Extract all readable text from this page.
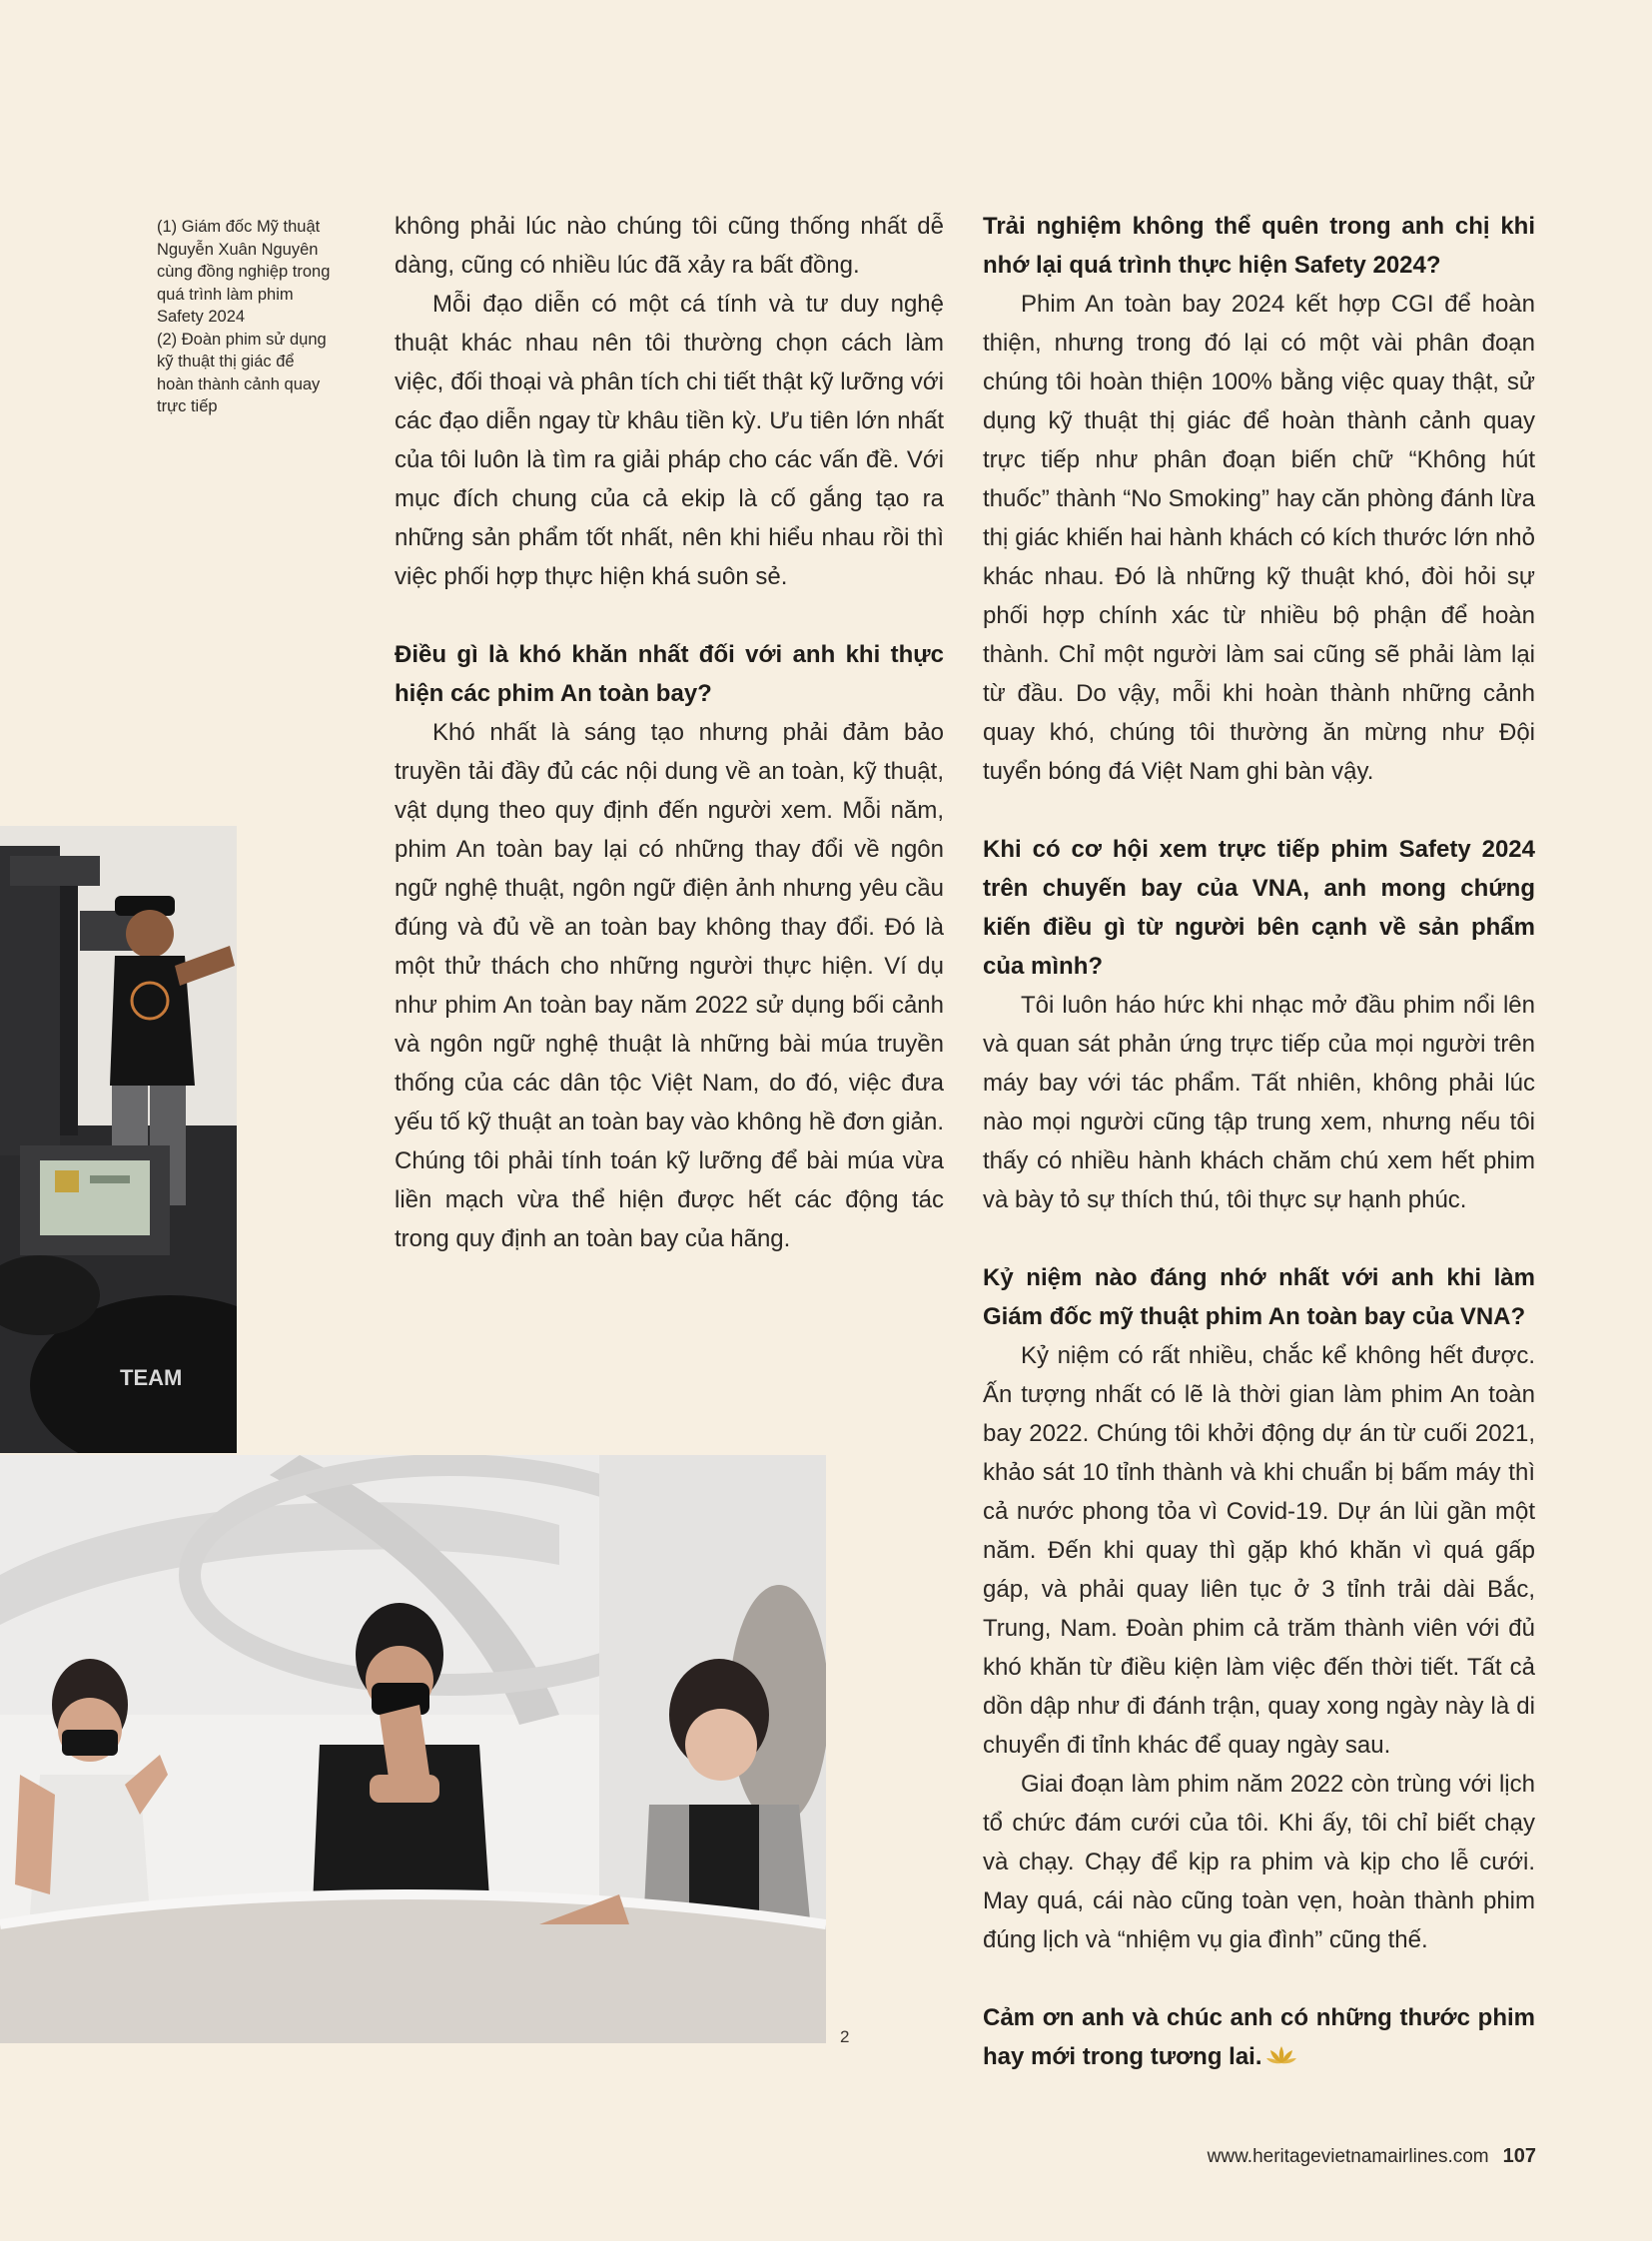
(1) Giám đốc Mỹ thuật
Nguyễn Xuân Nguyên
cùng đồng nghiệp trong
quá trình làm phim
Safety 2024
(2) Đoàn phim sử dụng
kỹ thuật thị giác để
hoàn thành cảnh quay
trực tiếp

không phải lúc nào chúng tôi cũng thống nhất dễ dàng, cũng có nhiều lúc đã xảy ra bất đồng.

Mỗi đạo diễn có một cá tính và tư duy nghệ thuật khác nhau nên tôi thường chọn cách làm việc, đối thoại và phân tích chi tiết thật kỹ lưỡng với các đạo diễn ngay từ khâu tiền kỳ. Ưu tiên lớn nhất của tôi luôn là tìm ra giải pháp cho các vấn đề. Với mục đích chung của cả ekip là cố gắng tạo ra những sản phẩm tốt nhất, nên khi hiểu nhau rồi thì việc phối hợp thực hiện khá suôn sẻ.

Điều gì là khó khăn nhất đối với anh khi thực hiện các phim An toàn bay?

Khó nhất là sáng tạo nhưng phải đảm bảo truyền tải đầy đủ các nội dung về an toàn, kỹ thuật, vật dụng theo quy định đến người xem. Mỗi năm, phim An toàn bay lại có những thay đổi về ngôn ngữ nghệ thuật, ngôn ngữ điện ảnh nhưng yêu cầu đúng và đủ về an toàn bay không thay đổi. Đó là một thử thách cho những người thực hiện. Ví dụ như phim An toàn bay năm 2022 sử dụng bối cảnh và ngôn ngữ nghệ thuật là những bài múa truyền thống của các dân tộc Việt Nam, do đó, việc đưa yếu tố kỹ thuật an toàn bay vào không hề đơn giản. Chúng tôi phải tính toán kỹ lưỡng để bài múa vừa liền mạch vừa thể hiện được hết các động tác trong quy định an toàn bay của hãng.

Trải nghiệm không thể quên trong anh chị khi nhớ lại quá trình thực hiện Safety 2024?

Phim An toàn bay 2024 kết hợp CGI để hoàn thiện, nhưng trong đó lại có một vài phân đoạn chúng tôi hoàn thiện 100% bằng việc quay thật, sử dụng kỹ thuật thị giác để hoàn thành cảnh quay trực tiếp như phân đoạn biến chữ “Không hút thuốc” thành “No Smoking” hay căn phòng đánh lừa thị giác khiến hai hành khách có kích thước lớn nhỏ khác nhau. Đó là những kỹ thuật khó, đòi hỏi sự phối hợp chính xác từ nhiều bộ phận để hoàn thành. Chỉ một người làm sai cũng sẽ phải làm lại từ đầu. Do vậy, mỗi khi hoàn thành những cảnh quay khó, chúng tôi thường ăn mừng như Đội tuyển bóng đá Việt Nam ghi bàn vậy.

Khi có cơ hội xem trực tiếp phim Safety 2024 trên chuyến bay của VNA, anh mong chứng kiến điều gì từ người bên cạnh về sản phẩm của mình?

Tôi luôn háo hức khi nhạc mở đầu phim nổi lên và quan sát phản ứng trực tiếp của mọi người trên máy bay với tác phẩm. Tất nhiên, không phải lúc nào mọi người cũng tập trung xem, nhưng nếu tôi thấy có nhiều hành khách chăm chú xem hết phim và bày tỏ sự thích thú, tôi thực sự hạnh phúc.

Kỷ niệm nào đáng nhớ nhất với anh khi làm Giám đốc mỹ thuật phim An toàn bay của VNA?

Kỷ niệm có rất nhiều, chắc kể không hết được. Ấn tượng nhất có lẽ là thời gian làm phim An toàn bay 2022. Chúng tôi khởi động dự án từ cuối 2021, khảo sát 10 tỉnh thành và khi chuẩn bị bấm máy thì cả nước phong tỏa vì Covid-19. Dự án lùi gần một năm. Đến khi quay thì gặp khó khăn vì quá gấp gáp, và phải quay liên tục ở 3 tỉnh trải dài Bắc, Trung, Nam. Đoàn phim cả trăm thành viên với đủ khó khăn từ điều kiện làm việc đến thời tiết. Tất cả dồn dập như đi đánh trận, quay xong ngày này là di chuyển đi tỉnh khác để quay ngày sau.

Giai đoạn làm phim năm 2022 còn trùng với lịch tổ chức đám cưới của tôi. Khi ấy, tôi chỉ biết chạy và chạy. Chạy để kịp ra phim và kịp cho lễ cưới. May quá, cái nào cũng toàn vẹn, hoàn thành phim đúng lịch và “nhiệm vụ gia đình” cũng thế.

Cảm ơn anh và chúc anh có những thước phim hay mới trong tương lai.
TEAM
2
www.heritagevietnamairlines.com 107
